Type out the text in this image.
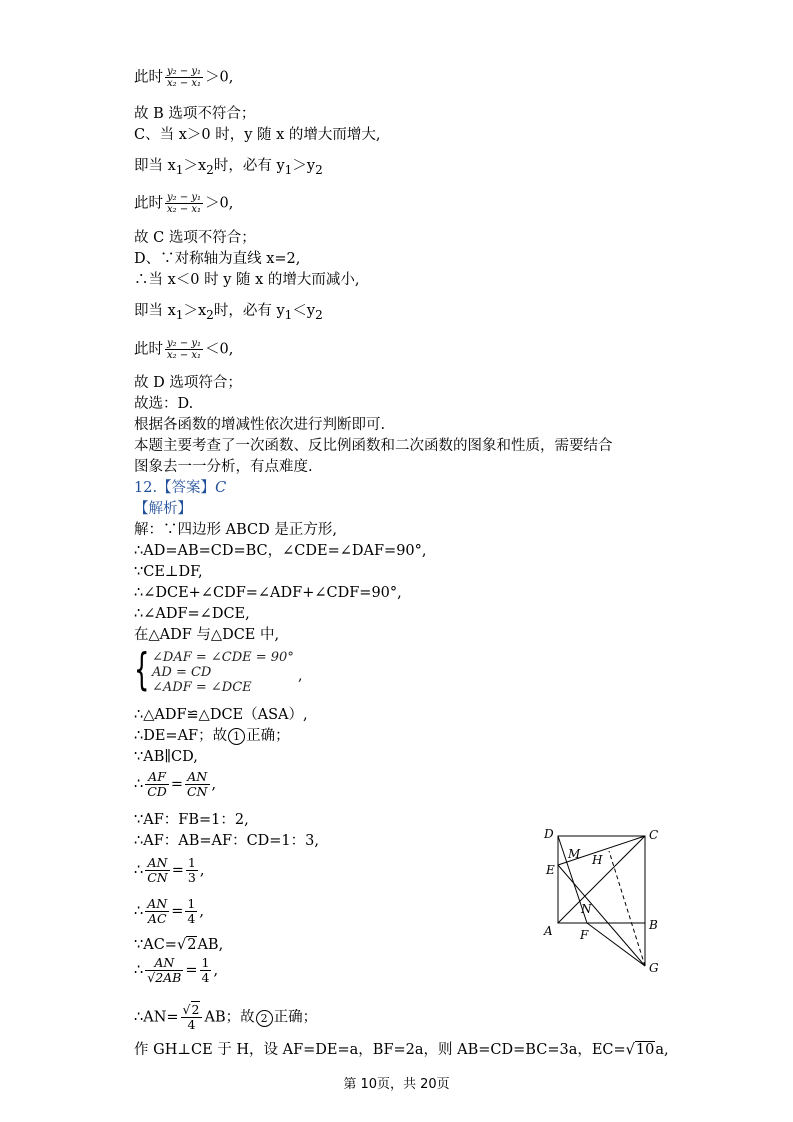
此时 $\frac{\text{y₂ − y₁}}{\text{x₂ − x₁}} >0$,
故 B 选项不符合；
C、当 x＞0 时，y 随 x 的增大而增大,
即当 $x_1>x_2$时，必有 $y_1>y_2$
此时 $\frac{\text{y₂ − y₁}}{\text{x₂ − x₁}} >0$,
故 C 选项不符合；
D、∵对称轴为直线 x=2,
∴当 x＜0 时 y 随 x 的增大而减小,
即当 $x_1>x_2$时，必有 $y_1<y_2$
此时 $\frac{\text{y₂ − y₁}}{\text{x₂ − x₁}} <0$,
故 D 选项符合；
故选：D.
根据各函数的增减性依次进行判断即可.
本题主要考查了一次函数、反比例函数和二次函数的图象和性质，需要结合
图象去一一分析，有点难度.
12.【答案】C
【解析】
解：∵四边形 ABCD 是正方形,
∴AD=AB=CD=BC，∠CDE=∠DAF=90°,
∵CE⊥DF,
∴∠DCE+∠CDF=∠ADF+∠CDF=90°,
∴∠ADF=∠DCE,
在△ADF 与△DCE 中,
{ ∠DAF = ∠CDE = 90°
AD = CD
∠ADF = ∠DCE
,
∴△ADF≌△DCE（ASA）,
∴DE=AF；故 1 正确；
∵AB∥CD,
∴ $\frac{AF}{CD} = \frac{AN}{CN}$ ,
∵AF：FB=1：2,
∴AF：AB=AF：CD=1：3,
∴ $\frac{AN}{CN} = \frac{1}{3}$ ,
∴ $\frac{AN}{AC} = \frac{1}{4}$ ,
∵AC=√2AB,
∴ $\frac{AN}{√2AB} = \frac{1}{4}$ ,
∴AN= $\frac{√2}{4}$ AB；故 2 正确；
作 GH⊥CE 于 H，设 AF=DE=a，BF=2a，则 AB=CD=BC=3a，EC=√10a,
D	C
M H
E
N
A F
B
G
第 10页，共 20页
